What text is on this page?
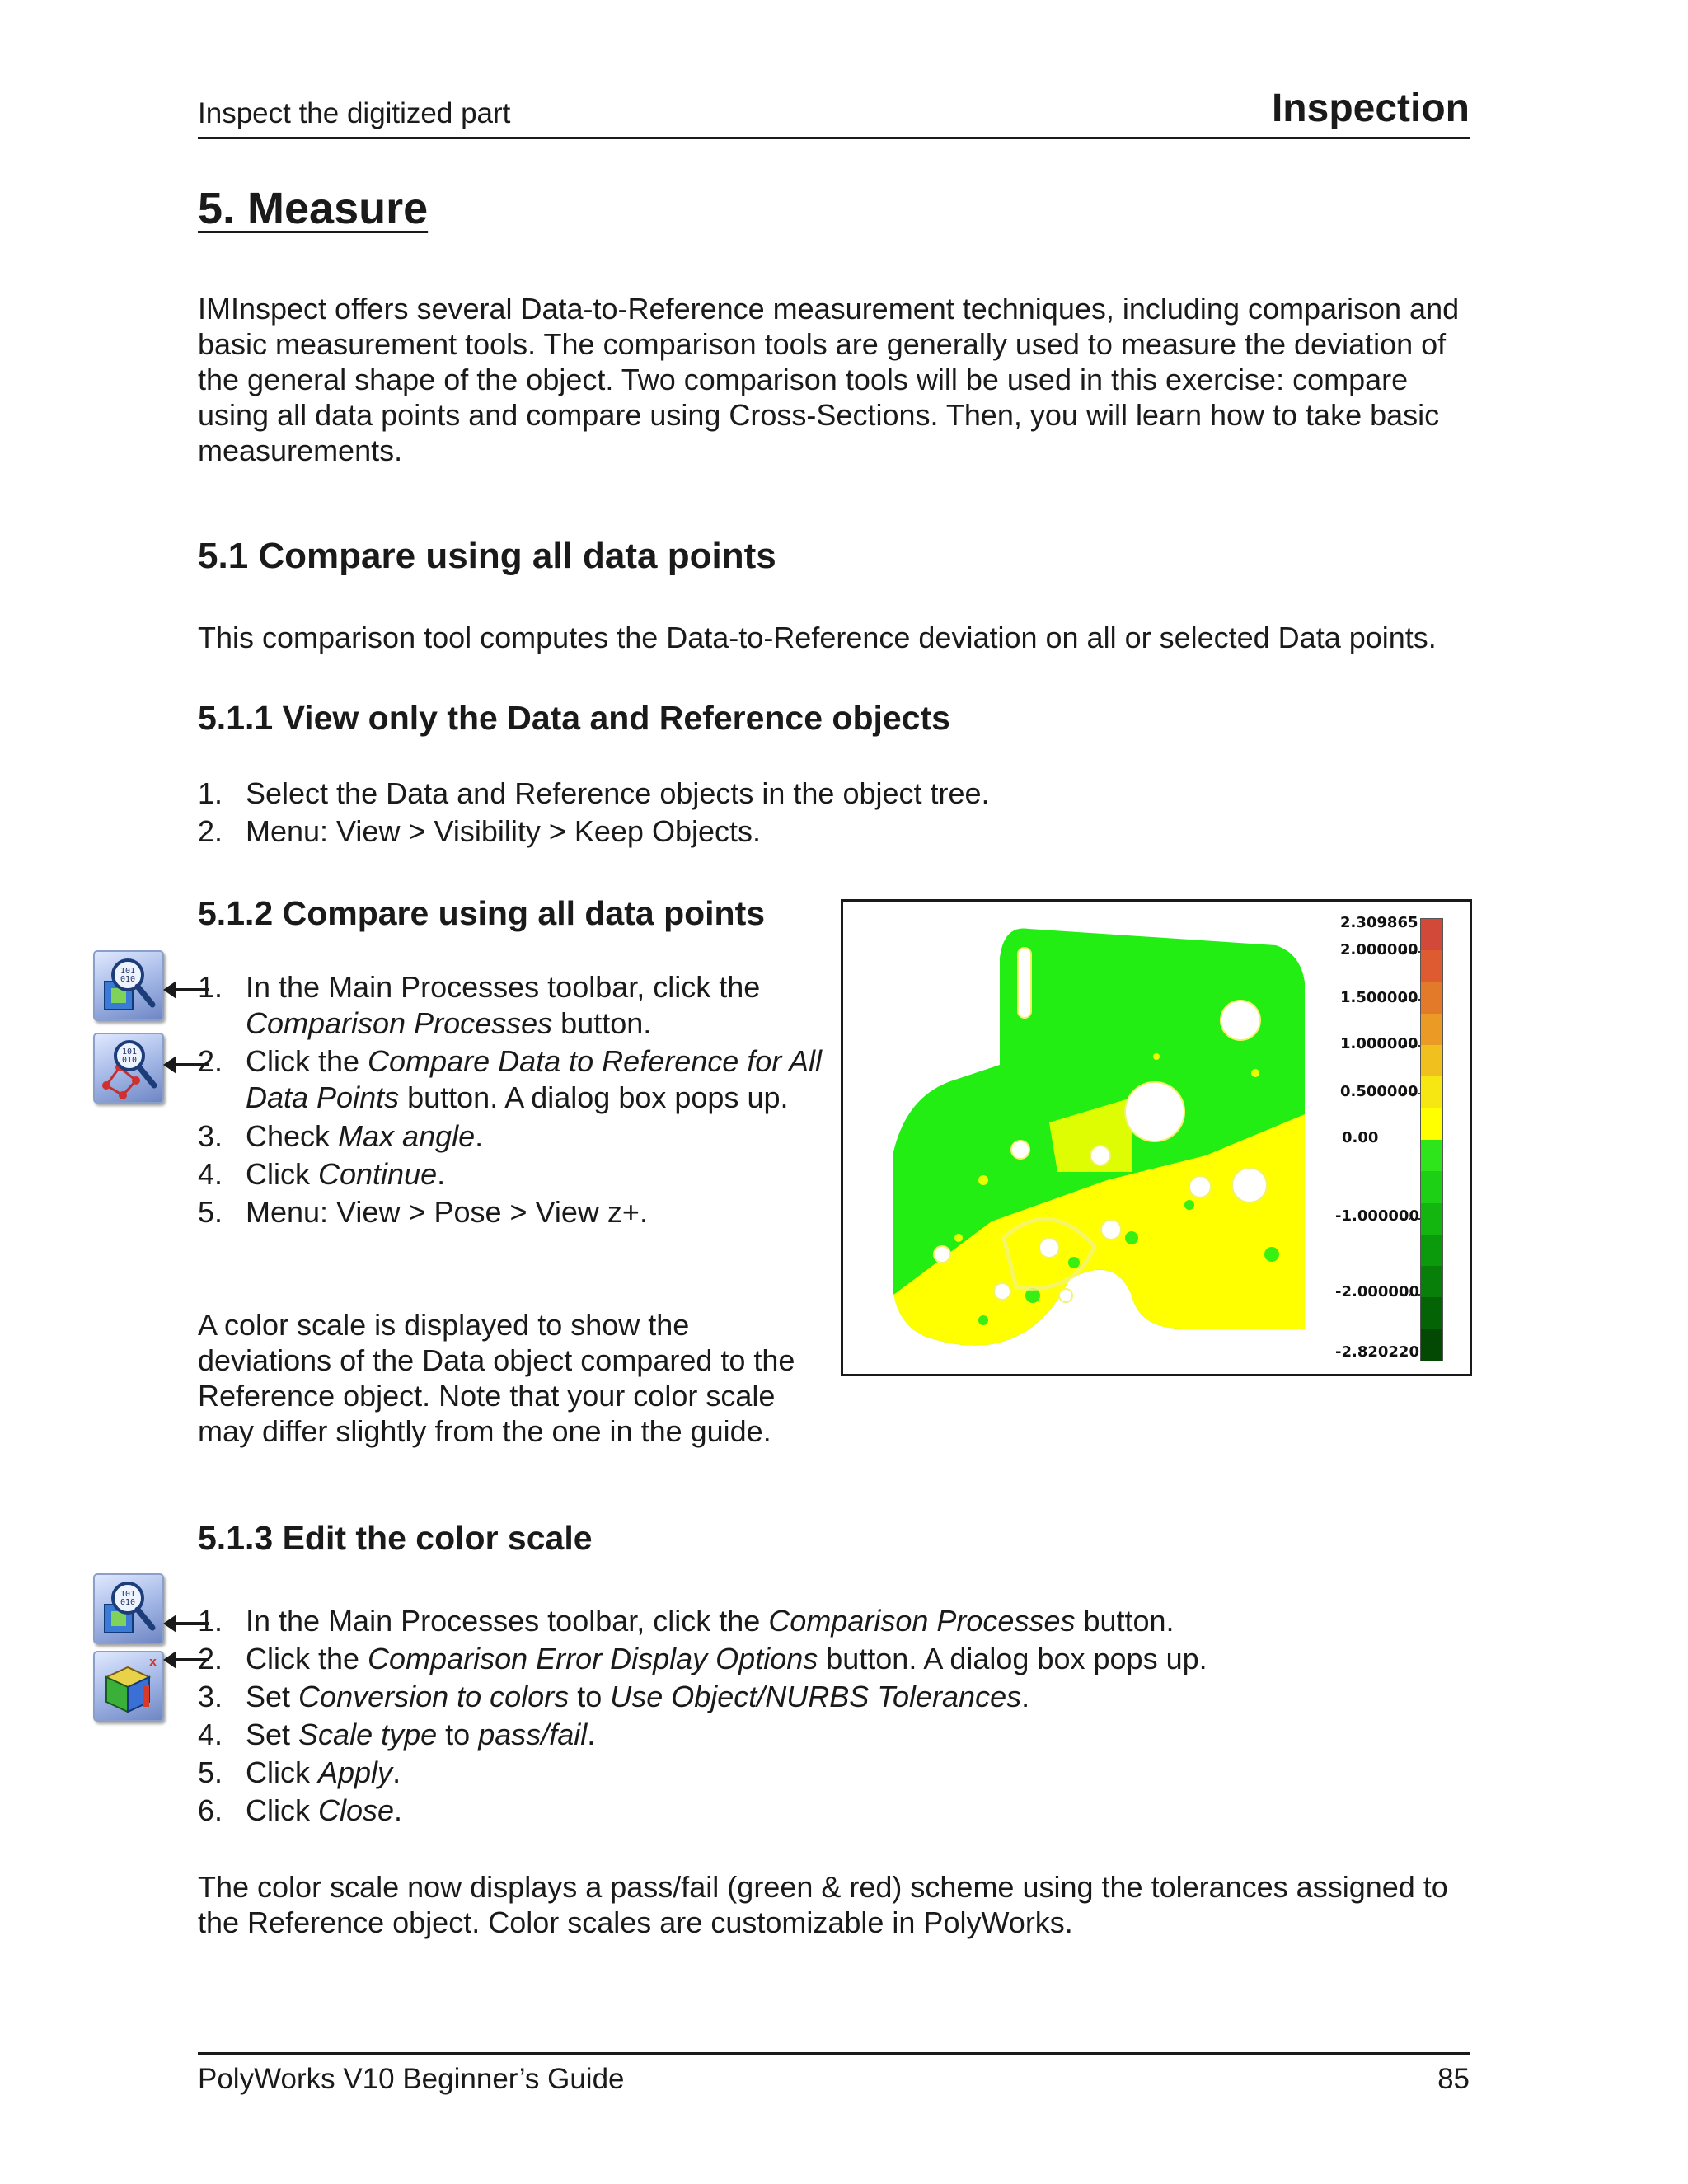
Inspect the digitized part	Inspection
5. Measure
IMInspect offers several Data-to-Reference measurement techniques, including comparison and basic measurement tools. The comparison tools are generally used to measure the deviation of the general shape of the object. Two comparison tools will be used in this exercise: compare using all data points and compare using Cross-Sections. Then, you will learn how to take basic measurements.
5.1 Compare using all data points
This comparison tool computes the Data-to-Reference deviation on all or selected Data points.
5.1.1 View only the Data and Reference objects
1. Select the Data and Reference objects in the object tree.
2. Menu: View > Visibility > Keep Objects.
5.1.2 Compare using all data points
101
010
101
010
1. In the Main Processes toolbar, click the Comparison Processes button.
2. Click the Compare Data to Reference for All Data Points button. A dialog box pops up.
3. Check Max angle.
4. Click Continue.
5. Menu: View > Pose > View z+.
A color scale is displayed to show the deviations of the Data object compared to the Reference object. Note that your color scale may differ slightly from the one in the guide.
2.309865
2.000000
1.500000
1.000000
0.500000
0.00
-1.000000
-2.000000
-2.820220
5.1.3 Edit the color scale
101
010
x
1. In the Main Processes toolbar, click the Comparison Processes button.
2. Click the Comparison Error Display Options button. A dialog box pops up.
3. Set Conversion to colors to Use Object/NURBS Tolerances.
4. Set Scale type to pass/fail.
5. Click Apply.
6. Click Close.
The color scale now displays a pass/fail (green & red) scheme using the tolerances assigned to the Reference object. Color scales are customizable in PolyWorks.
PolyWorks V10 Beginner’s Guide	85
